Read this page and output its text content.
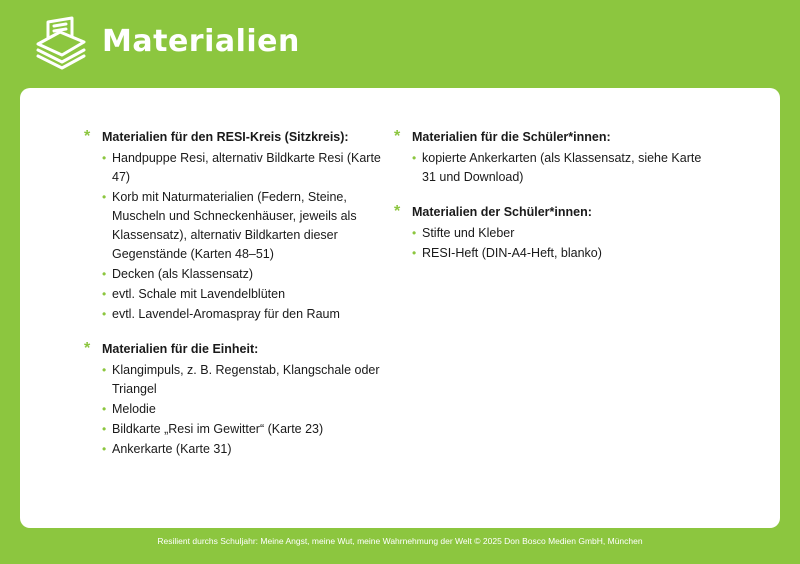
Materialien
* Materialien für den RESI-Kreis (Sitzkreis):
• Handpuppe Resi, alternativ Bildkarte Resi (Karte 47)
• Korb mit Naturmaterialien (Federn, Steine, Muscheln und Schneckenhäuser, jeweils als Klassensatz), alternativ Bildkarten dieser Gegenstände (Karten 48–51)
• Decken (als Klassensatz)
• evtl. Schale mit Lavendelblüten
• evtl. Lavendel-Aromaspray für den Raum
* Materialien für die Einheit:
• Klangimpuls, z. B. Regenstab, Klangschale oder Triangel
• Melodie
• Bildkarte „Resi im Gewitter“ (Karte 23)
• Ankerkarte (Karte 31)
* Materialien für die Schüler*innen:
• kopierte Ankerkarten (als Klassensatz, siehe Karte 31 und Download)
* Materialien der Schüler*innen:
• Stifte und Kleber
• RESI-Heft (DIN-A4-Heft, blanko)
Resilient durchs Schuljahr: Meine Angst, meine Wut, meine Wahrnehmung der Welt © 2025 Don Bosco Medien GmbH, München
